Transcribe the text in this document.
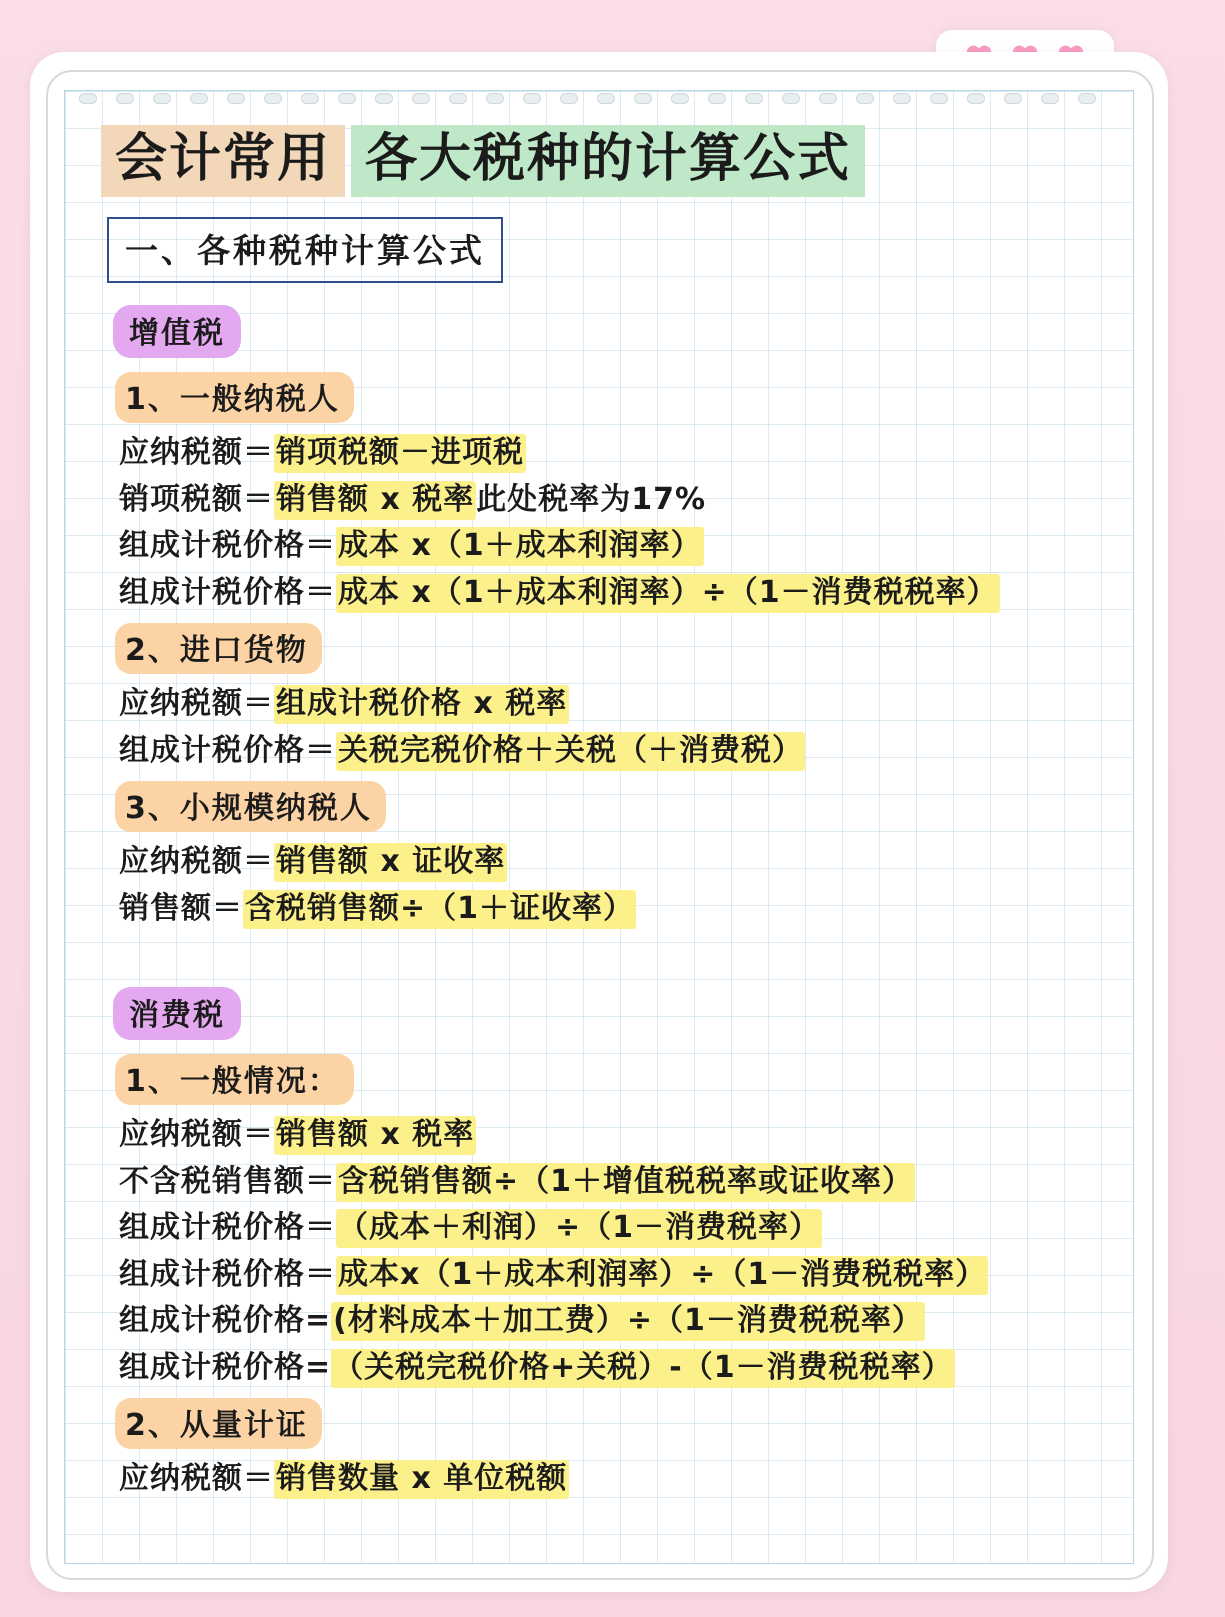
会计常用 各大税种的计算公式
一、各种税种计算公式
增值税
1、一般纳税人
应纳税额＝销项税额－进项税
销项税额＝销售额 x 税率此处税率为17%
组成计税价格＝成本 x（1＋成本利润率）
组成计税价格＝成本 x（1＋成本利润率）÷（1－消费税税率）
2、进口货物
应纳税额＝组成计税价格 x 税率
组成计税价格＝关税完税价格＋关税（＋消费税）
3、小规模纳税人
应纳税额＝销售额 x 证收率
销售额＝含税销售额÷（1＋证收率）
消费税
1、一般情况：
应纳税额＝销售额 x 税率
不含税销售额＝含税销售额÷（1＋增值税税率或证收率）
组成计税价格＝（成本＋利润）÷（1－消费税率）
组成计税价格＝成本x（1＋成本利润率）÷（1－消费税税率）
组成计税价格=(材料成本＋加工费）÷（1－消费税税率）
组成计税价格=（关税完税价格+关税）-（1－消费税税率）
2、从量计证
应纳税额＝销售数量 x 单位税额
